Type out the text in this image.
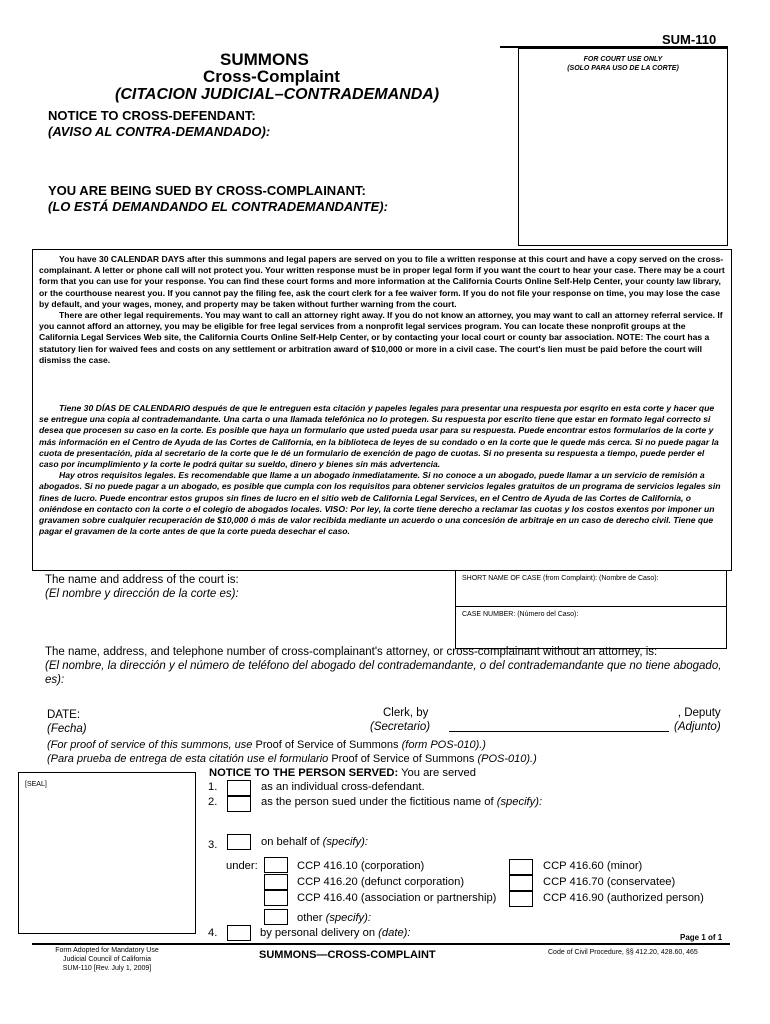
SUM-110
SUMMONS
Cross-Complaint
(CITACION JUDICIAL–CONTRADEMANDA)
NOTICE TO CROSS-DEFENDANT:
(AVISO AL CONTRA-DEMANDADO):
YOU ARE BEING SUED BY CROSS-COMPLAINANT:
(LO ESTÁ DEMANDANDO EL CONTRADEMANDANTE):
FOR COURT USE ONLY
(SOLO PARA USO DE LA CORTE)

You have 30 CALENDAR DAYS after this summons and legal papers are served on you to file a written response at this court and have a copy served on the cross-complainant. A letter or phone call will not protect you. Your written response must be in proper legal form if you want the court to hear your case. There may be a court form that you can use for your response. You can find these court forms and more information at the California Courts Online Self-Help Center, your county law library, or the courthouse nearest you. If you cannot pay the filing fee, ask the court clerk for a fee waiver form. If you do not file your response on time, you may lose the case by default, and your wages, money, and property may be taken without further warning from the court.

There are other legal requirements. You may want to call an attorney right away. If you do not know an attorney, you may want to call an attorney referral service. If you cannot afford an attorney, you may be eligible for free legal services from a nonprofit legal services program. You can locate these nonprofit groups at the California Legal Services Web site, the California Courts Online Self-Help Center, or by contacting your local court or county bar association. NOTE: The court has a statutory lien for waived fees and costs on any settlement or arbitration award of $10,000 or more in a civil case. The court's lien must be paid before the court will dismiss the case.

Tiene 30 DÍAS DE CALENDARIO después de que le entreguen esta citación y papeles legales para presentar una respuesta por esqrito en esta corte y hacer que se entregue una copia al contrademandante. Una carta o una llamada telefónica no lo protegen. Su respuesta por escrito tiene que estar en formato legal correcto si desea que procesen su caso en la corte. Es posible que haya un formulario que usted pueda usar para su respuesta. Puede encontrar estos formularios de la corte y más información en el Centro de Ayuda de las Cortes de California, en la biblioteca de leyes de su condado o en la corte que le quede más cerca. Si no puede pagar la cuota de presentación, pida al secretario de la corte que le dé un formulario de exención de pago de cuotas. Si no presenta su respuesta a tiempo, puede perder el caso por incumplimiento y la corte le podrá quitar su sueldo, dinero y bienes sin más advertencia.

Hay otros requisitos legales. Es recomendable que llame a un abogado inmediatamente. Si no conoce a un abogado, puede llamar a un servicio de remisión a abogados. Si no puede pagar a un abogado, es posible que cumpla con los requisitos para obtener servicios legales gratuitos de un programa de servicios legales sin fines de lucro. Puede encontrar estos grupos sin fines de lucro en el sitio web de California Legal Services, en el Centro de Ayuda de las Cortes de California, o oniéndose en contacto con la corte o el colegio de abogados locales. VISO: Por ley, la corte tiene derecho a reclamar las cuotas y los costos exentos por imponer un gravamen sobre cualquier recuperación de $10,000 ó más de valor recibida mediante un acuerdo o una concesión de arbitraje en un caso de derecho civil. Tiene que pagar el gravamen de la corte antes de que la corte pueda desechar el caso.

The name and address of the court is:
(El nombre y dirección de la corte es):
SHORT NAME OF CASE (from Complaint): (Nombre de Caso):
CASE NUMBER: (Número del Caso):
The name, address, and telephone number of cross-complainant's attorney, or cross-complainant without an attorney, is:
(El nombre, la dirección y el número de teléfono del abogado del contrademandante, o del contrademandante que no tiene abogado, es):
DATE:
(Fecha)
Clerk, by
(Secretario)
, Deputy
(Adjunto)
(For proof of service of this summons, use Proof of Service of Summons (form POS-010).)
(Para prueba de entrega de esta citatión use el formulario Proof of Service of Summons (POS-010).)
[SEAL]
NOTICE TO THE PERSON SERVED: You are served
1.	as an individual cross-defendant.
2.	as the person sued under the fictitious name of (specify):
3.	on behalf of (specify):
under:	CCP 416.10 (corporation)
CCP 416.20 (defunct corporation)
CCP 416.40 (association or partnership)
CCP 416.60 (minor)
CCP 416.70 (conservatee)
CCP 416.90 (authorized person)
other (specify):
4.	by personal delivery on (date):	Page 1 of 1
Form Adopted for Mandatory Use
Judicial Council of California
SUM-110 [Rev. July 1, 2009]
SUMMONS—CROSS-COMPLAINT	Code of Civil Procedure, §§ 412.20, 428.60, 465
